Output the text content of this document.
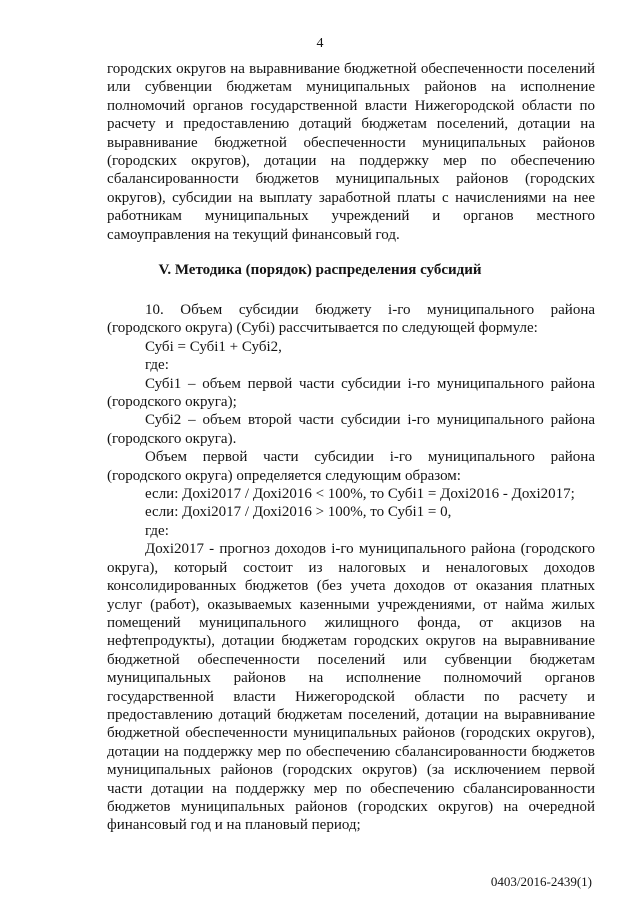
4

городских округов на выравнивание бюджетной обеспеченности поселений или субвенции бюджетам муниципальных районов на исполнение полномочий органов государственной власти Нижегородской области по расчету и предоставлению дотаций бюджетам поселений, дотации на выравнивание бюджетной обеспеченности муниципальных районов (городских округов), дотации на поддержку мер по обеспечению сбалансированности бюджетов муниципальных районов (городских округов), субсидии на выплату заработной платы с начислениями на нее работникам муниципальных учреждений и органов местного самоуправления на текущий финансовый год.

V. Методика (порядок) распределения субсидий

10. Объем субсидии бюджету i-го муниципального района (городского округа) (Субi) рассчитывается по следующей формуле:

Субi = Субi1 + Субi2,

где:

Субi1 – объем первой части субсидии i-го муниципального района (городского округа);

Субi2 – объем второй части субсидии i-го муниципального района (городского округа).

Объем первой части субсидии i-го муниципального района (городского округа) определяется следующим образом:

если: Дохi2017 / Дохi2016 < 100%, то Субi1 = Дохi2016 - Дохi2017;

если: Дохi2017 / Дохi2016 > 100%, то Субi1 = 0,

где:

Дохi2017 - прогноз доходов i-го муниципального района (городского округа), который состоит из налоговых и неналоговых доходов консолидированных бюджетов (без учета доходов от оказания платных услуг (работ), оказываемых казенными учреждениями, от найма жилых помещений муниципального жилищного фонда, от акцизов на нефтепродукты), дотации бюджетам городских округов на выравнивание бюджетной обеспеченности поселений или субвенции бюджетам муниципальных районов на исполнение полномочий органов государственной власти Нижегородской области по расчету и предоставлению дотаций бюджетам поселений, дотации на выравнивание бюджетной обеспеченности муниципальных районов (городских округов), дотации на поддержку мер по обеспечению сбалансированности бюджетов муниципальных районов (городских округов) (за исключением первой части дотации на поддержку мер по обеспечению сбалансированности бюджетов муниципальных районов (городских округов) на очередной финансовый год и на плановый период;

0403/2016-2439(1)
